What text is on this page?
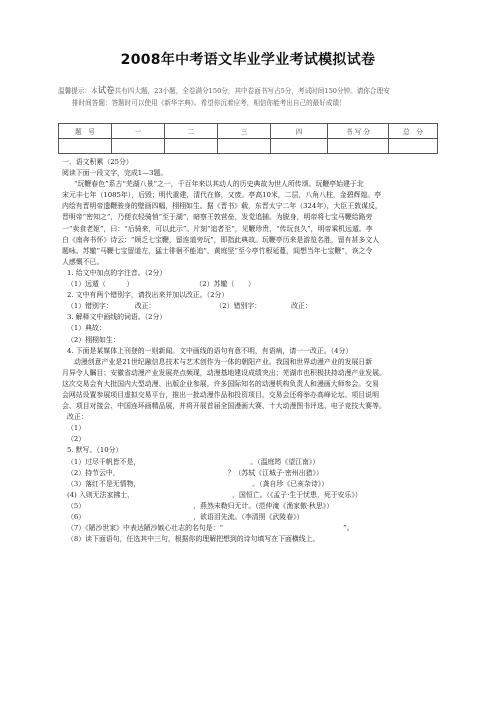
2008年中考语文毕业学业考试模拟试卷
温馨提示：本试卷共有四大题，23小题，全卷满分150分，其中卷面书写占5分，考试时间150分钟。请你合理安
排时间答题：答题时可以使用《新华字典》。希望你沉着应考，相信你能考出自己的最好成绩！
题　号	一	二	三	四	书 写 分	总　分

一、语文积累（25分）
阅读下面一段文字，完成1—3题。
“玩鞭春色”系古“芜湖八景”之一，千百年来以其动人的历史典故为世人所传颂。玩鞭亭始建于北
宋元丰七年（1085年），后毁；明代重建，清代在修，又废。亭高10米，二层，八角八柱，金碧辉煌。亭
内绘有晋明帝遗鞭骏身的壁画四幅，栩栩如生。据《晋书》载，东晋太宁二年（324年），大臣王敦谋反，
晋明帝“密知之”，乃便衣轻骑悄“至于湖”，暗察王敦营垒，发觉追捕。为脱身，明帝将七宝马鞭给路旁
一“卖食老妪”，曰：“后骑来，可以此示”。片刻“追者至”，见鞭珍贵，“传玩良久”，明帝乘机远遁。李
白《南奔书怀》诗云：“顾乏七宝鞭，留连道旁玩”，即指此典故。玩鞭亭历来是游览名胜，留有甚多文人
题咏。苏辙“马鞭七宝留道左，猛士徘徊不能追”，黄庭坚“至今亭竹根延蔓，闾想当年七宝鞭”，诙之令
人感慨不已。
1. 给文中加点的字注音。（2分）
（1）远遁（　　　）	（2）苏辙（　　）
2. 文中有两个错别字，请找出来并加以改正。（2分）
（1）错别字：	改正：	（2）错别字：	改正：
3. 解释文中画线的词语。（2分）
（1）典故：
（2）栩栩如生：
4. 下面是某媒体上刊登的一则新闻。文中画线的语句有意不明，有语病，请一一改正。（4分）
动漫创意产业是21世纪融信息技术与艺术创作为一体的朝阳产业。我国和世界动漫产业的发展日新
月异令人瞩目；安徽省动漫产业发展亮点频现，动漫基地建设成绩突出；芜湖市也积极扶持动漫产业发展。
这次交易会有大批国内大型动漫、出版企业参展，许多国际知名的动漫机构负责人和漫画大师参会。交易
会网站设置参展项目虚拟交易平台，推出一批动漫作品和投资项目。交易会还将举办高峰论坛、项目说明
会、项目对接会、中国连环画精品展，并将开展首届全国漫画大赛、十大动漫图书评选、电子竞技大赛等。
改正：
（1）
（2）
5. 默写。（10分）
（1）过尽千帆皆不是，	。（温庭筠《望江南》）
（2）持节云中，	？（苏轼《江城子·密州出猎》）
（3）落红不是无情物，	。（龚自珍《已亥杂诗》）
(4) 入则无法家拂士，	，国恒亡。（《孟子·生于忧患，死于安乐》）
（5）	，燕然未勒归无计。（范仲淹《渔家傲·秋思》）
（6）	，欲语泪先流。（李清照《武陵春》）
（7）《陋沙世家》中表达陋沙嫉心壮志的名句是：“	”。
（8）读下面语句，任选其中三句，根据你的理解把想到的诗句填写在下面横线上。
